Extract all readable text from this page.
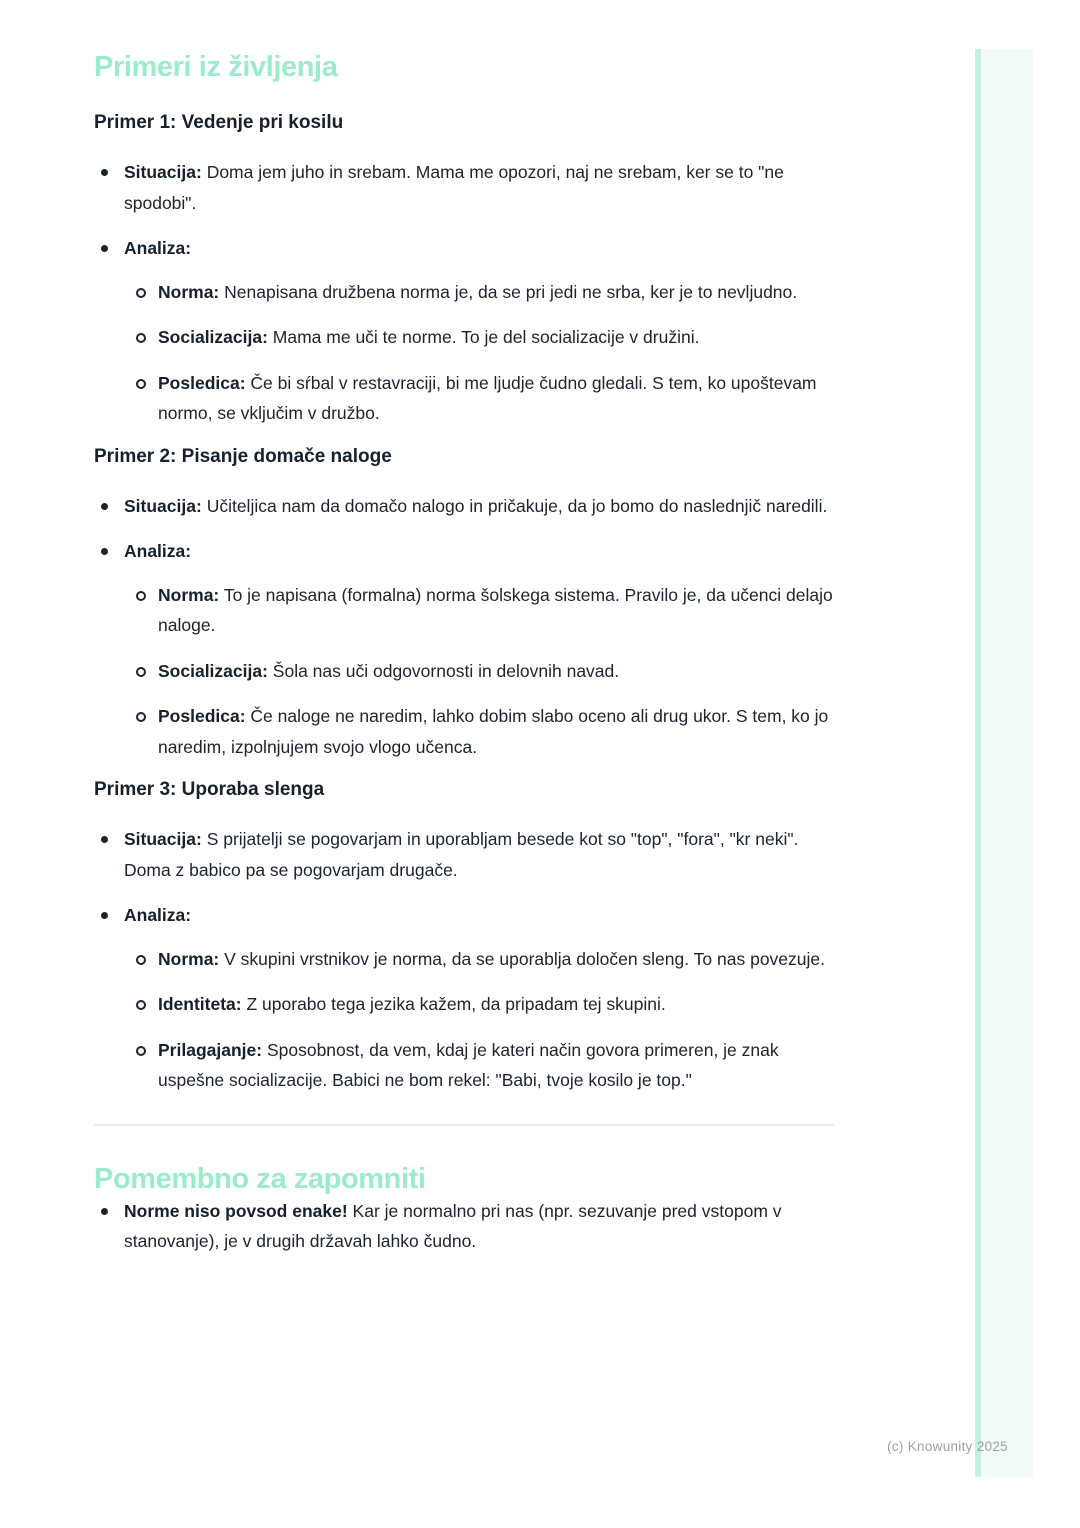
Primeri iz življenja
Primer 1: Vedenje pri kosilu
Situacija: Doma jem juho in srebam. Mama me opozori, naj ne srebam, ker se to "ne spodobi".
Analiza:
Norma: Nenapisana družbena norma je, da se pri jedi ne srba, ker je to nevljudno.
Socializacija: Mama me uči te norme. To je del socializacije v družini.
Posledica: Če bi sŕbal v restavraciji, bi me ljudje čudno gledali. S tem, ko upoštevam normo, se vključim v družbo.
Primer 2: Pisanje domače naloge
Situacija: Učiteljica nam da domačo nalogo in pričakuje, da jo bomo do naslednjič naredili.
Analiza:
Norma: To je napisana (formalna) norma šolskega sistema. Pravilo je, da učenci delajo naloge.
Socializacija: Šola nas uči odgovornosti in delovnih navad.
Posledica: Če naloge ne naredim, lahko dobim slabo oceno ali drug ukor. S tem, ko jo naredim, izpolnjujem svojo vlogo učenca.
Primer 3: Uporaba slenga
Situacija: S prijatelji se pogovarjam in uporabljam besede kot so "top", "fora", "kr neki". Doma z babico pa se pogovarjam drugače.
Analiza:
Norma: V skupini vrstnikov je norma, da se uporablja določen sleng. To nas povezuje.
Identiteta: Z uporabo tega jezika kažem, da pripadam tej skupini.
Prilagajanje: Sposobnost, da vem, kdaj je kateri način govora primeren, je znak uspešne socializacije. Babici ne bom rekel: "Babi, tvoje kosilo je top."
Pomembno za zapomniti
Norme niso povsod enake! Kar je normalno pri nas (npr. sezuvanje pred vstopom v stanovanje), je v drugih državah lahko čudno.
(c) Knowunity 2025
